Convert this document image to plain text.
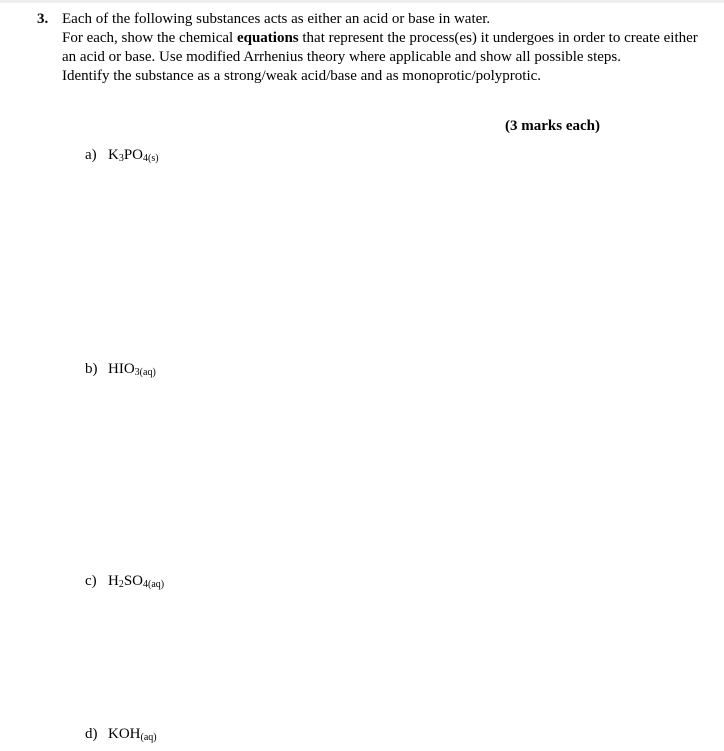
3. Each of the following substances acts as either an acid or base in water.

For each, show the chemical equations that represent the process(es) it undergoes in order to create either an acid or base. Use modified Arrhenius theory where applicable and show all possible steps.

Identify the substance as a strong/weak acid/base and as monoprotic/polyprotic.

(3 marks each)
a) $K_3PO_{4(s)}$
b) $HIO_{3(aq)}$
c) $H_2SO_{4(aq)}$
d) $KOH_{(aq)}$
